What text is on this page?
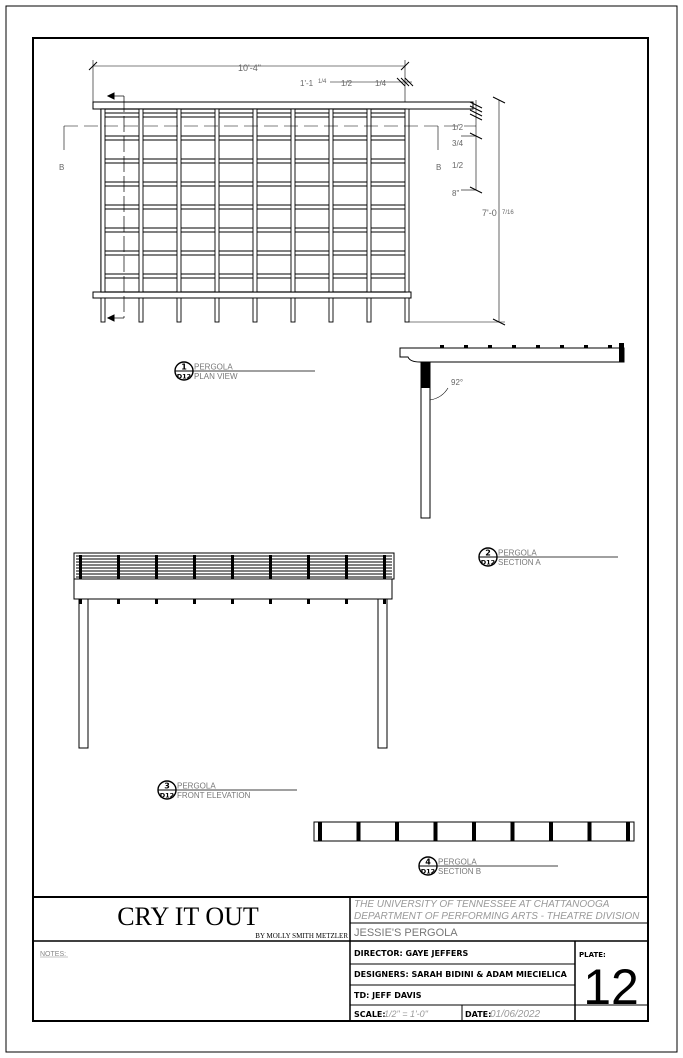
10'-4"
1'-1 1/4 1/2	1/4
1/2
3/4
1/2
8"
7'-0 7/16
B	B
92°
1
D12
PERGOLA
PLAN VIEW
2
D12
PERGOLA
SECTION A
3
D12
PERGOLA
FRONT ELEVATION
4
D12
PERGOLA
SECTION B
CRY IT OUT
BY MOLLY SMITH METZLER
THE UNIVERSITY OF TENNESSEE AT CHATTANOOGA
DEPARTMENT OF PERFORMING ARTS - THEATRE DIVISION
JESSIE'S PERGOLA
NOTES:	DIRECTOR: GAYE JEFFERS
DESIGNERS: SARAH BIDINI & ADAM MIECIELICA
TD: JEFF DAVIS
SCALE:
1/2" = 1'-0"	DATE:
01/06/2022
PLATE:
12
